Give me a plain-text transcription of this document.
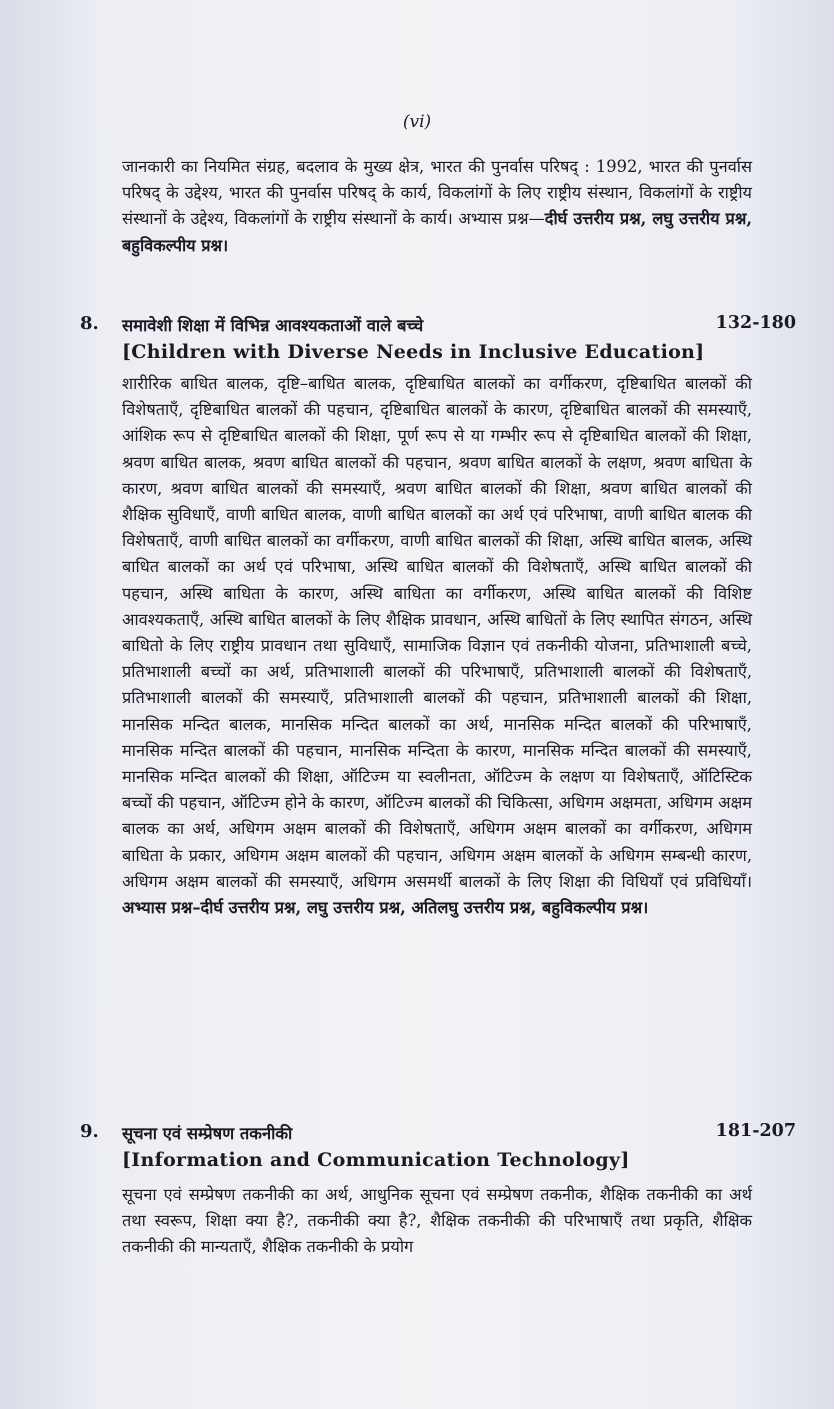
(vi)

जानकारी का नियमित संग्रह, बदलाव के मुख्य क्षेत्र, भारत की पुनर्वास परिषद् : 1992, भारत की पुनर्वास परिषद् के उद्देश्य, भारत की पुनर्वास परिषद् के कार्य, विकलांगों के लिए राष्ट्रीय संस्थान, विकलांगों के राष्ट्रीय संस्थानों के उद्देश्य, विकलांगों के राष्ट्रीय संस्थानों के कार्य। अभ्यास प्रश्न—दीर्घ उत्तरीय प्रश्न, लघु उत्तरीय प्रश्न, बहुविकल्पीय प्रश्न।

8. समावेशी शिक्षा में विभिन्न आवश्यकताओं वाले बच्चे	132-180
[Children with Diverse Needs in Inclusive Education]

शारीरिक बाधित बालक, दृष्टि–बाधित बालक, दृष्टिबाधित बालकों का वर्गीकरण, दृष्टिबाधित बालकों की विशेषताएँ, दृष्टिबाधित बालकों की पहचान, दृष्टिबाधित बालकों के कारण, दृष्टिबाधित बालकों की समस्याएँ, आंशिक रूप से दृष्टिबाधित बालकों की शिक्षा, पूर्ण रूप से या गम्भीर रूप से दृष्टिबाधित बालकों की शिक्षा, श्रवण बाधित बालक, श्रवण बाधित बालकों की पहचान, श्रवण बाधित बालकों के लक्षण, श्रवण बाधिता के कारण, श्रवण बाधित बालकों की समस्याएँ, श्रवण बाधित बालकों की शिक्षा, श्रवण बाधित बालकों की शैक्षिक सुविधाएँ, वाणी बाधित बालक, वाणी बाधित बालकों का अर्थ एवं परिभाषा, वाणी बाधित बालक की विशेषताएँ, वाणी बाधित बालकों का वर्गीकरण, वाणी बाधित बालकों की शिक्षा, अस्थि बाधित बालक, अस्थि बाधित बालकों का अर्थ एवं परिभाषा, अस्थि बाधित बालकों की विशेषताएँ, अस्थि बाधित बालकों की पहचान, अस्थि बाधिता के कारण, अस्थि बाधिता का वर्गीकरण, अस्थि बाधित बालकों की विशिष्ट आवश्यकताएँ, अस्थि बाधित बालकों के लिए शैक्षिक प्रावधान, अस्थि बाधितों के लिए स्थापित संगठन, अस्थि बाधितो के लिए राष्ट्रीय प्रावधान तथा सुविधाएँ, सामाजिक विज्ञान एवं तकनीकी योजना, प्रतिभाशाली बच्चे, प्रतिभाशाली बच्चों का अर्थ, प्रतिभाशाली बालकों की परिभाषाएँ, प्रतिभाशाली बालकों की विशेषताएँ, प्रतिभाशाली बालकों की समस्याएँ, प्रतिभाशाली बालकों की पहचान, प्रतिभाशाली बालकों की शिक्षा, मानसिक मन्दित बालक, मानसिक मन्दित बालकों का अर्थ, मानसिक मन्दित बालकों की परिभाषाएँ, मानसिक मन्दित बालकों की पहचान, मानसिक मन्दिता के कारण, मानसिक मन्दित बालकों की समस्याएँ, मानसिक मन्दित बालकों की शिक्षा, ऑटिज्म या स्वलीनता, ऑटिज्म के लक्षण या विशेषताएँ, ऑटिस्टिक बच्चों की पहचान, ऑटिज्म होने के कारण, ऑटिज्म बालकों की चिकित्सा, अधिगम अक्षमता, अधिगम अक्षम बालक का अर्थ, अधिगम अक्षम बालकों की विशेषताएँ, अधिगम अक्षम बालकों का वर्गीकरण, अधिगम बाधिता के प्रकार, अधिगम अक्षम बालकों की पहचान, अधिगम अक्षम बालकों के अधिगम सम्बन्धी कारण, अधिगम अक्षम बालकों की समस्याएँ, अधिगम असमर्थी बालकों के लिए शिक्षा की विधियाँ एवं प्रविधियाँ। अभ्यास प्रश्न–दीर्घ उत्तरीय प्रश्न, लघु उत्तरीय प्रश्न, अतिलघु उत्तरीय प्रश्न, बहुविकल्पीय प्रश्न।

9. सूचना एवं सम्प्रेषण तकनीकी	181-207
[Information and Communication Technology]

सूचना एवं सम्प्रेषण तकनीकी का अर्थ, आधुनिक सूचना एवं सम्प्रेषण तकनीक, शैक्षिक तकनीकी का अर्थ तथा स्वरूप, शिक्षा क्या है?, तकनीकी क्या है?, शैक्षिक तकनीकी की परिभाषाएँ तथा प्रकृति, शैक्षिक तकनीकी की मान्यताएँ, शैक्षिक तकनीकी के प्रयोग
